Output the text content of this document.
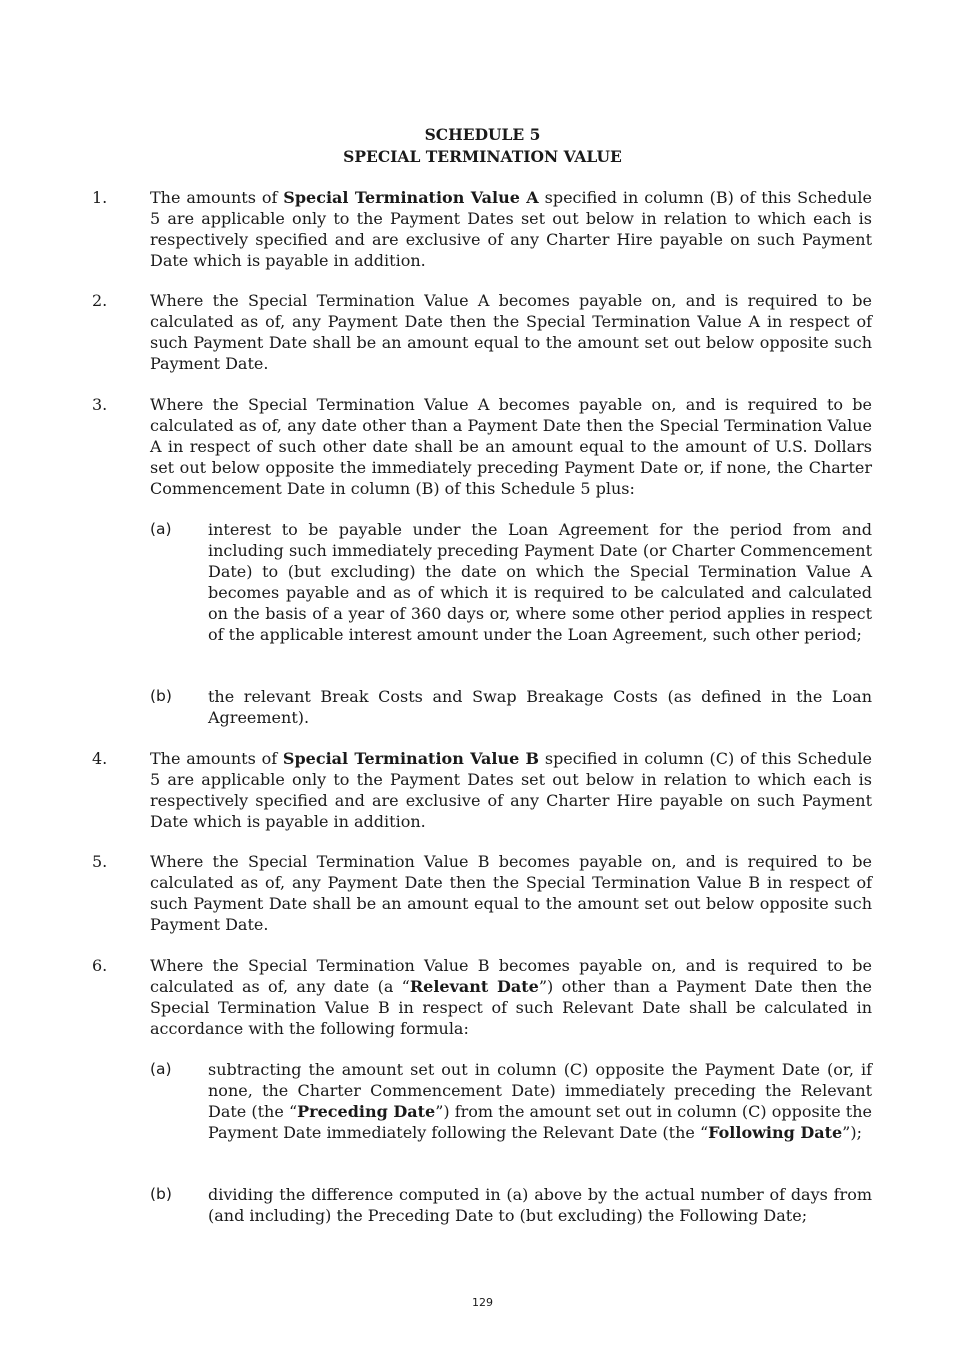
SCHEDULE 5
SPECIAL TERMINATION VALUE
1.	The amounts of Special Termination Value A specified in column (B) of this Schedule 5 are applicable only to the Payment Dates set out below in relation to which each is respectively specified and are exclusive of any Charter Hire payable on such Payment Date which is payable in addition.
2.	Where the Special Termination Value A becomes payable on, and is required to be calculated as of, any Payment Date then the Special Termination Value A in respect of such Payment Date shall be an amount equal to the amount set out below opposite such Payment Date.
3.	Where the Special Termination Value A becomes payable on, and is required to be calculated as of, any date other than a Payment Date then the Special Termination Value A in respect of such other date shall be an amount equal to the amount of U.S. Dollars set out below opposite the immediately preceding Payment Date or, if none, the Charter Commencement Date in column (B) of this Schedule 5 plus:
(a) interest to be payable under the Loan Agreement for the period from and including such immediately preceding Payment Date (or Charter Commencement Date) to (but excluding) the date on which the Special Termination Value A becomes payable and as of which it is required to be calculated and calculated on the basis of a year of 360 days or, where some other period applies in respect of the applicable interest amount under the Loan Agreement, such other period;
(b) the relevant Break Costs and Swap Breakage Costs (as defined in the Loan Agreement).
4.	The amounts of Special Termination Value B specified in column (C) of this Schedule 5 are applicable only to the Payment Dates set out below in relation to which each is respectively specified and are exclusive of any Charter Hire payable on such Payment Date which is payable in addition.
5.	Where the Special Termination Value B becomes payable on, and is required to be calculated as of, any Payment Date then the Special Termination Value B in respect of such Payment Date shall be an amount equal to the amount set out below opposite such Payment Date.
6.	Where the Special Termination Value B becomes payable on, and is required to be calculated as of, any date (a “Relevant Date”) other than a Payment Date then the Special Termination Value B in respect of such Relevant Date shall be calculated in accordance with the following formula:
(a) subtracting the amount set out in column (C) opposite the Payment Date (or, if none, the Charter Commencement Date) immediately preceding the Relevant Date (the “Preceding Date”) from the amount set out in column (C) opposite the Payment Date immediately following the Relevant Date (the “Following Date”);
(b) dividing the difference computed in (a) above by the actual number of days from (and including) the Preceding Date to (but excluding) the Following Date;
129
